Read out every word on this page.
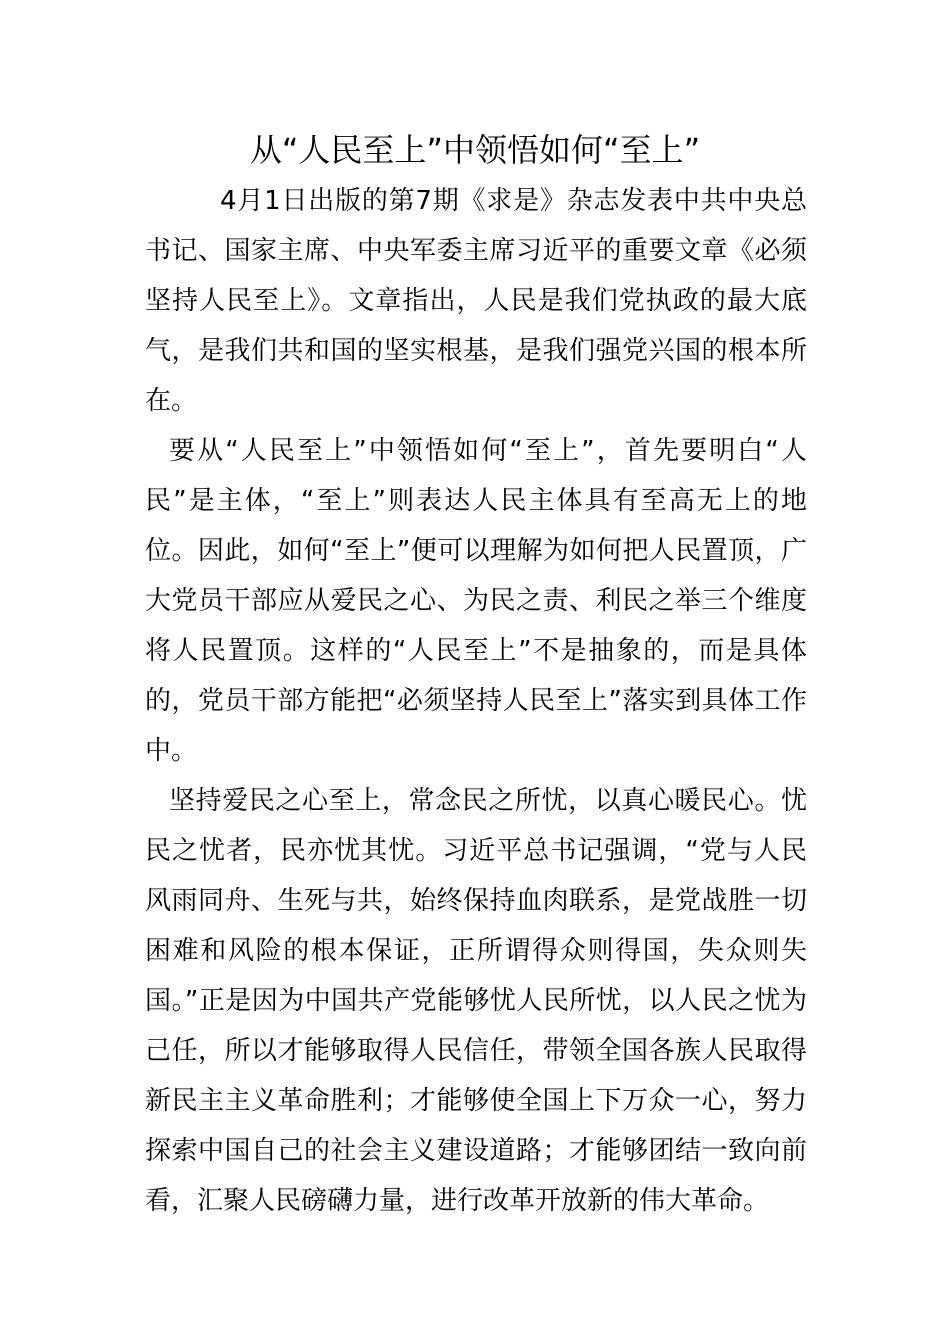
从“人民至上”中领悟如何“至上”

4月1日出版的第7期《求是》杂志发表中共中央总书记、国家主席、中央军委主席习近平的重要文章《必须坚持人民至上》。文章指出，人民是我们党执政的最大底气，是我们共和国的坚实根基，是我们强党兴国的根本所在。

要从“人民至上”中领悟如何“至上”，首先要明白“人民”是主体，“至上”则表达人民主体具有至高无上的地位。因此，如何“至上”便可以理解为如何把人民置顶，广大党员干部应从爱民之心、为民之责、利民之举三个维度将人民置顶。这样的“人民至上”不是抽象的，而是具体的，党员干部方能把“必须坚持人民至上”落实到具体工作中。

坚持爱民之心至上，常念民之所忧，以真心暖民心。忧民之忧者，民亦忧其忧。习近平总书记强调，“党与人民风雨同舟、生死与共，始终保持血肉联系，是党战胜一切困难和风险的根本保证，正所谓得众则得国，失众则失国。”正是因为中国共产党能够忧人民所忧，以人民之忧为己任，所以才能够取得人民信任，带领全国各族人民取得新民主主义革命胜利；才能够使全国上下万众一心，努力探索中国自己的社会主义建设道路；才能够团结一致向前看，汇聚人民磅礴力量，进行改革开放新的伟大革命。
